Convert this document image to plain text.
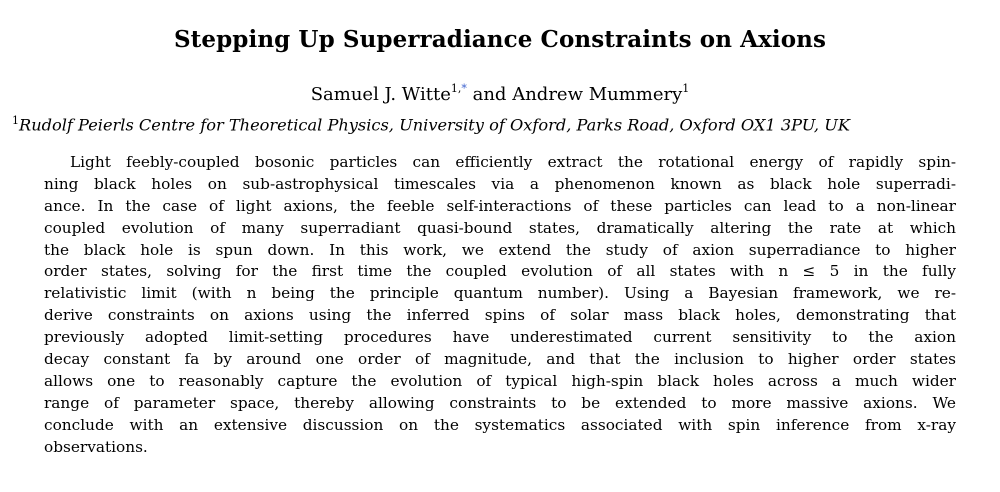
Stepping Up Superradiance Constraints on Axions
Samuel J. Witte$^{1,*}$ and Andrew Mummery$^1$
$^1$Rudolf Peierls Centre for Theoretical Physics, University of Oxford, Parks Road, Oxford OX1 3PU, UK
Light feebly-coupled bosonic particles can efficiently extract the rotational energy of rapidly spin-
ning black holes on sub-astrophysical timescales via a phenomenon known as black hole superradi-
ance. In the case of light axions, the feeble self-interactions of these particles can lead to a non-linear
coupled evolution of many superradiant quasi-bound states, dramatically altering the rate at which
the black hole is spun down. In this work, we extend the study of axion superradiance to higher
order states, solving for the first time the coupled evolution of all states with n ≤ 5 in the fully
relativistic limit (with n being the principle quantum number). Using a Bayesian framework, we re-
derive constraints on axions using the inferred spins of solar mass black holes, demonstrating that
previously adopted limit-setting procedures have underestimated current sensitivity to the axion
decay constant fa by around one order of magnitude, and that the inclusion to higher order states
allows one to reasonably capture the evolution of typical high-spin black holes across a much wider
range of parameter space, thereby allowing constraints to be extended to more massive axions. We
conclude with an extensive discussion on the systematics associated with spin inference from x-ray
observations.
